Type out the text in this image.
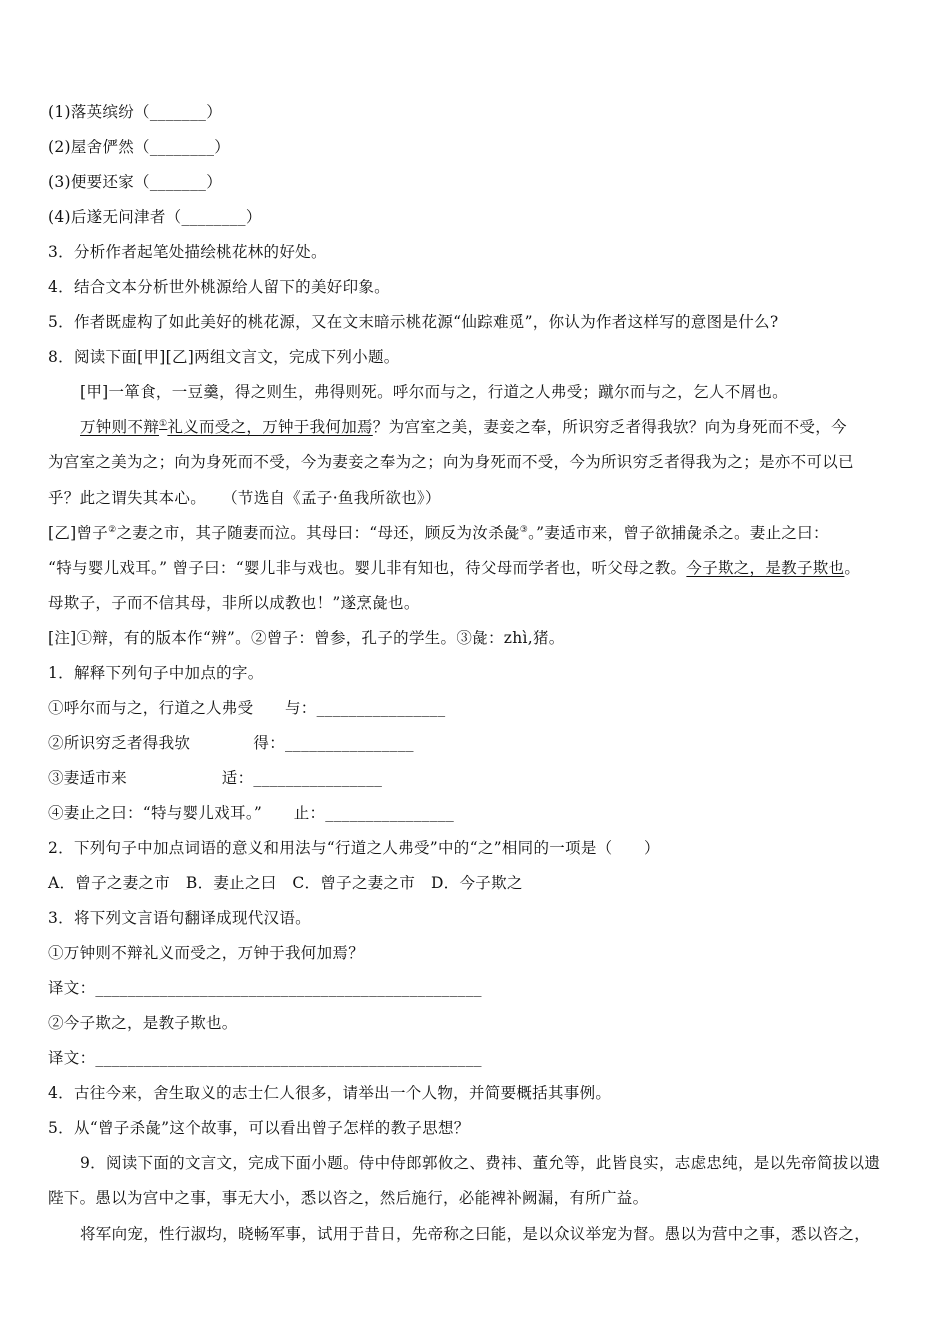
(1)落英缤纷（_______）
(2)屋舍俨然（________）
(3)便要还家（_______）
(4)后遂无问津者（________）
3．分析作者起笔处描绘桃花林的好处。
4．结合文本分析世外桃源给人留下的美好印象。
5．作者既虚构了如此美好的桃花源，又在文末暗示桃花源“仙踪难觅”，你认为作者这样写的意图是什么?
8．阅读下面[甲][乙]两组文言文，完成下列小题。
[甲]一箪食，一豆羹，得之则生，弗得则死。呼尔而与之，行道之人弗受；蹴尔而与之，乞人不屑也。
万钟则不辩①礼义而受之，万钟于我何加焉？为宫室之美，妻妾之奉，所识穷乏者得我欤？向为身死而不受，今
为宫室之美为之；向为身死而不受，今为妻妾之奉为之；向为身死而不受，今为所识穷乏者得我为之；是亦不可以已
乎？此之谓失其本心。　　（节选自《孟子·鱼我所欲也》）
[乙]曾子②之妻之市，其子随妻而泣。其母曰：“母还，顾反为汝杀彘③。”妻适市来，曾子欲捕彘杀之。妻止之曰：
“特与婴儿戏耳。” 曾子曰：“婴儿非与戏也。婴儿非有知也，待父母而学者也，听父母之教。今子欺之，是教子欺也。
母欺子，子而不信其母，非所以成教也！”遂烹彘也。
[注]①辩，有的版本作“辨”。②曾子：曾参，孔子的学生。③彘：zhì,猪。
1．解释下列句子中加点的字。
①呼尔而与之，行道之人弗受　　与：________________
②所识穷乏者得我欤　　　　得：________________
③妻适市来　　　　　　适：________________
④妻止之曰：“特与婴儿戏耳。”　　止：________________
2．下列句子中加点词语的意义和用法与“行道之人弗受”中的“之”相同的一项是（　　）
A．曾子之妻之市　B．妻止之曰　C．曾子之妻之市　D．今子欺之
3．将下列文言语句翻译成现代汉语。
①万钟则不辩礼义而受之，万钟于我何加焉？
译文：________________________________________________
②今子欺之，是教子欺也。
译文：________________________________________________
4．古往今来，舍生取义的志士仁人很多，请举出一个人物，并简要概括其事例。
5．从“曾子杀彘”这个故事，可以看出曾子怎样的教子思想？
9．阅读下面的文言文，完成下面小题。侍中侍郎郭攸之、费祎、董允等，此皆良实，志虑忠纯，是以先帝简拔以遗
陛下。愚以为宫中之事，事无大小，悉以咨之，然后施行，必能裨补阙漏，有所广益。
将军向宠，性行淑均，晓畅军事，试用于昔日，先帝称之曰能，是以众议举宠为督。愚以为营中之事，悉以咨之，
